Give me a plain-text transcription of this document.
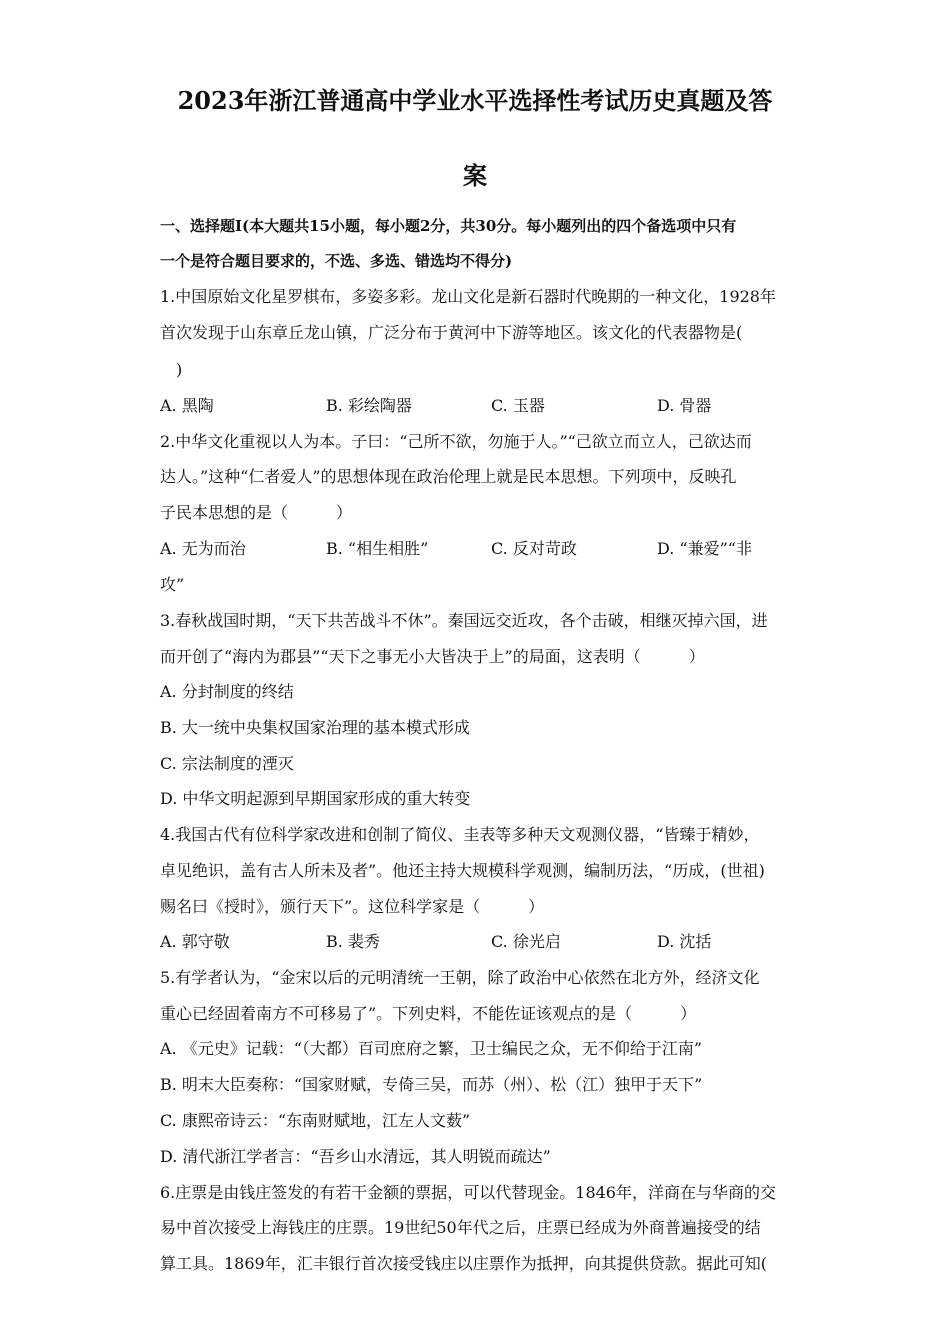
2023年浙江普通高中学业水平选择性考试历史真题及答
案
一、选择题Ⅰ(本大题共15小题，每小题2分，共30分。每小题列出的四个备选项中只有
一个是符合题目要求的，不选、多选、错选均不得分)
1.中国原始文化星罗棋布，多姿多彩。龙山文化是新石器时代晚期的一种文化，1928年
首次发现于山东章丘龙山镇，广泛分布于黄河中下游等地区。该文化的代表器物是(
)
A. 黑陶	B. 彩绘陶器	C. 玉器	D. 骨器
2.中华文化重视以人为本。子曰：“己所不欲，勿施于人。”“己欲立而立人，己欲达而
达人。”这种“仁者爱人”的思想体现在政治伦理上就是民本思想。下列项中，反映孔
子民本思想的是（　　　）
A. 无为而治	B. “相生相胜”	C. 反对苛政	D. “兼爱”“非
攻”
3.春秋战国时期，“天下共苦战斗不休”。秦国远交近攻，各个击破，相继灭掉六国，进
而开创了“海内为郡县”“天下之事无小大皆决于上”的局面，这表明（　　　）
A. 分封制度的终结
B. 大一统中央集权国家治理的基本模式形成
C. 宗法制度的湮灭
D. 中华文明起源到早期国家形成的重大转变
4.我国古代有位科学家改进和创制了简仪、圭表等多种天文观测仪器，“皆臻于精妙，
卓见绝识，盖有古人所未及者”。他还主持大规模科学观测，编制历法，“历成，(世祖)
赐名曰《授时》，颁行天下”。这位科学家是（　　　）
A. 郭守敬	B. 裴秀	C. 徐光启	D. 沈括
5.有学者认为，“金宋以后的元明清统一王朝，除了政治中心依然在北方外，经济文化
重心已经固着南方不可移易了”。下列史料，不能佐证该观点的是（　　　）
A. 《元史》记载：“（大都）百司庶府之繁，卫士编民之众，无不仰给于江南”
B. 明末大臣奏称：“国家财赋，专倚三吴，而苏（州）、松（江）独甲于天下”
C. 康熙帝诗云：“东南财赋地，江左人文薮”
D. 清代浙江学者言：“吾乡山水清远，其人明锐而疏达”
6.庄票是由钱庄签发的有若干金额的票据，可以代替现金。1846年，洋商在与华商的交
易中首次接受上海钱庄的庄票。19世纪50年代之后，庄票已经成为外商普遍接受的结
算工具。1869年，汇丰银行首次接受钱庄以庄票作为抵押，向其提供贷款。据此可知(
